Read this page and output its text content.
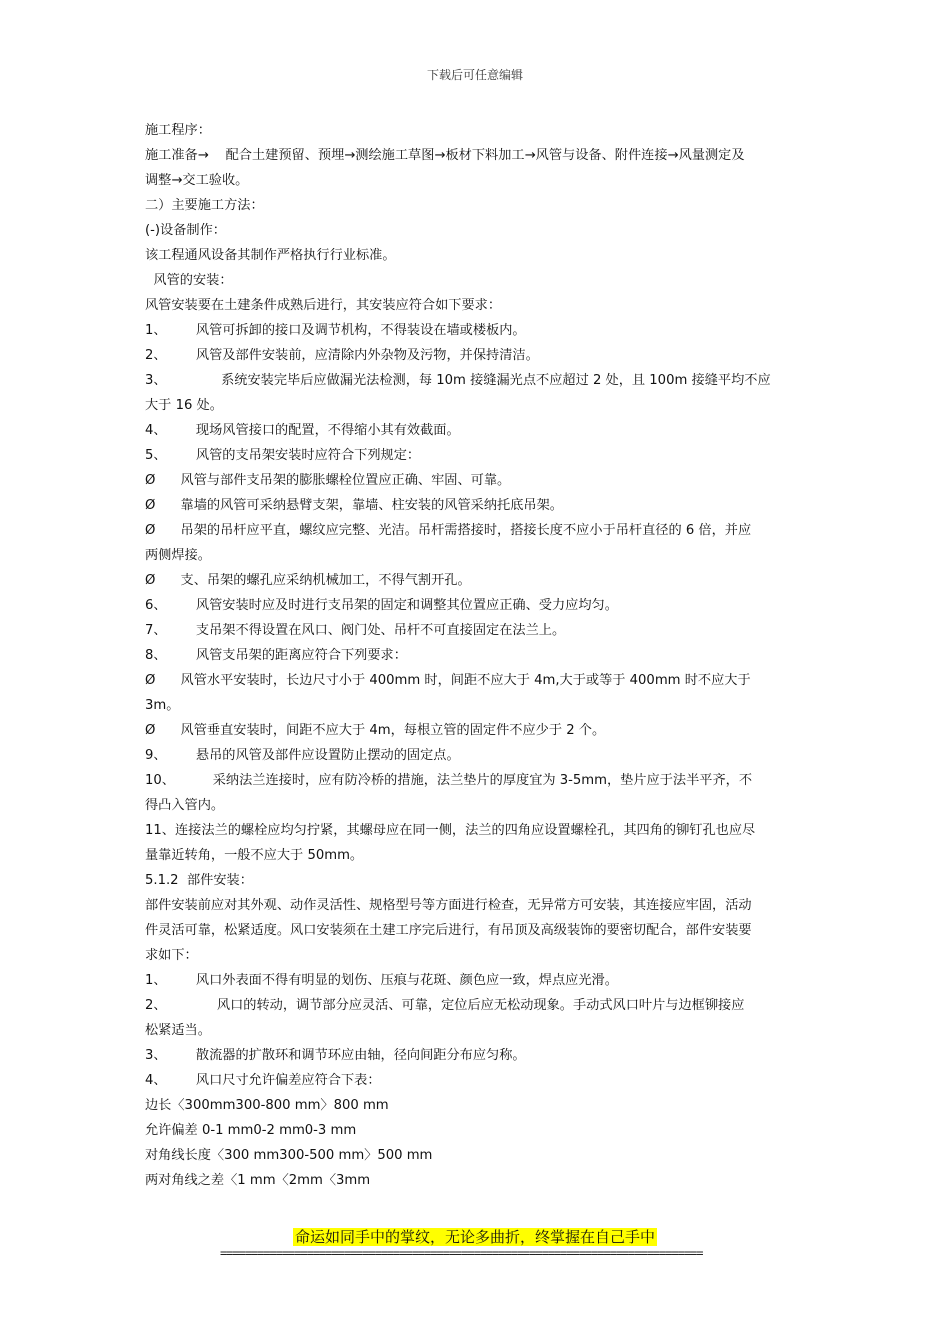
下载后可任意编辑
施工程序：
施工准备→    配合土建预留、预埋→测绘施工草图→板材下料加工→风管与设备、附件连接→风量测定及
调整→交工验收。
二）主要施工方法：
(-)设备制作：
该工程通风设备其制作严格执行行业标准。
风管的安装：
风管安装要在土建条件成熟后进行，其安装应符合如下要求：
1、       风管可拆卸的接口及调节机构，不得装设在墙或楼板内。
2、       风管及部件安装前，应清除内外杂物及污物，并保持清洁。
3、             系统安装完毕后应做漏光法检测，每 10m 接缝漏光点不应超过 2 处，且 100m 接缝平均不应
大于 16 处。
4、       现场风管接口的配置，不得缩小其有效截面。
5、       风管的支吊架安装时应符合下列规定：
Ø      风管与部件支吊架的膨胀螺栓位置应正确、牢固、可靠。
Ø      靠墙的风管可采纳悬臂支架，靠墙、柱安装的风管采纳托底吊架。
Ø      吊架的吊杆应平直，螺纹应完整、光洁。吊杆需搭接时，搭接长度不应小于吊杆直径的 6 倍，并应
两侧焊接。
Ø      支、吊架的螺孔应采纳机械加工，不得气割开孔。
6、       风管安装时应及时进行支吊架的固定和调整其位置应正确、受力应均匀。
7、       支吊架不得设置在风口、阀门处、吊杆不可直接固定在法兰上。
8、       风管支吊架的距离应符合下列要求：
Ø      风管水平安装时，长边尺寸小于 400mm 时，间距不应大于 4m,大于或等于 400mm 时不应大于
3m。
Ø      风管垂直安装时，间距不应大于 4m，每根立管的固定件不应少于 2 个。
9、       悬吊的风管及部件应设置防止摆动的固定点。
10、         采纳法兰连接时，应有防冷桥的措施，法兰垫片的厚度宜为 3-5mm，垫片应于法半平齐，不
得凸入管内。
11、连接法兰的螺栓应均匀拧紧，其螺母应在同一侧，法兰的四角应设置螺栓孔，其四角的铆钉孔也应尽
量靠近转角，一般不应大于 50mm。
5.1.2  部件安装：
部件安装前应对其外观、动作灵活性、规格型号等方面进行检查，无异常方可安装，其连接应牢固，活动
件灵活可靠，松紧适度。风口安装须在土建工序完后进行，有吊顶及高级装饰的要密切配合，部件安装要
求如下：
1、       风口外表面不得有明显的划伤、压痕与花斑、颜色应一致，焊点应光滑。
2、            风口的转动，调节部分应灵活、可靠，定位后应无松动现象。手动式风口叶片与边框铆接应
松紧适当。
3、       散流器的扩散环和调节环应由轴，径向间距分布应匀称。
4、       风口尺寸允许偏差应符合下表：
边长〈300mm300-800 mm〉800 mm
允许偏差 0-1 mm0-2 mm0-3 mm
对角线长度〈300 mm300-500 mm〉500 mm
两对角线之差〈1 mm〈2mm〈3mm
命运如同手中的掌纹，无论多曲折，终掌握在自己手中
==============================================================================
